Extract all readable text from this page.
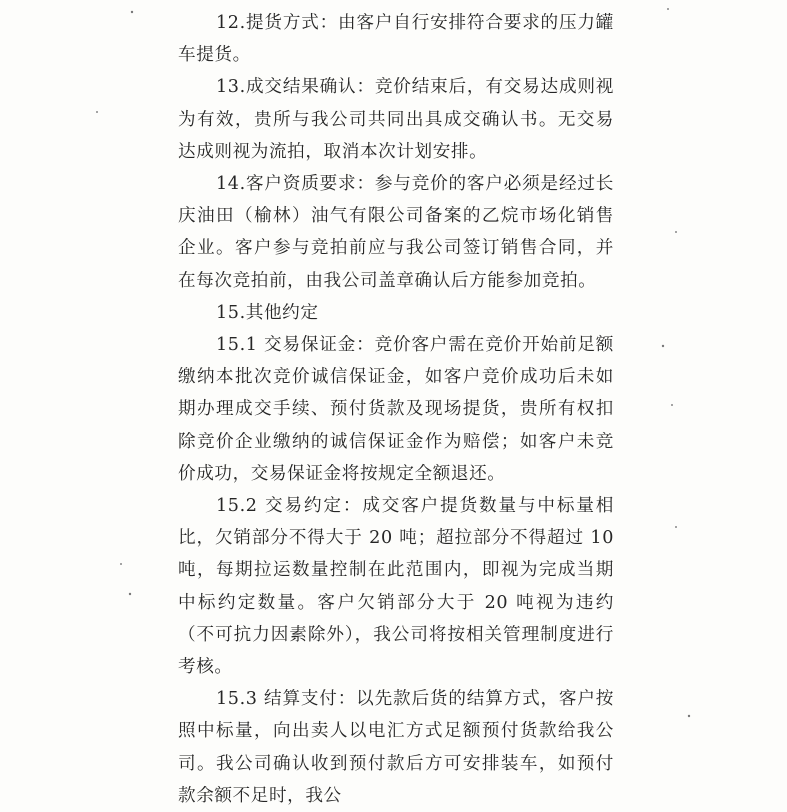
12.提货方式：由客户自行安排符合要求的压力罐车提货。

13.成交结果确认：竞价结束后，有交易达成则视为有效，贵所与我公司共同出具成交确认书。无交易达成则视为流拍，取消本次计划安排。

14.客户资质要求：参与竞价的客户必须是经过长庆油田（榆林）油气有限公司备案的乙烷市场化销售企业。客户参与竞拍前应与我公司签订销售合同，并在每次竞拍前，由我公司盖章确认后方能参加竞拍。

15.其他约定

15.1 交易保证金：竞价客户需在竞价开始前足额缴纳本批次竞价诚信保证金，如客户竞价成功后未如期办理成交手续、预付货款及现场提货，贵所有权扣除竞价企业缴纳的诚信保证金作为赔偿；如客户未竞价成功，交易保证金将按规定全额退还。

15.2 交易约定：成交客户提货数量与中标量相比，欠销部分不得大于 20 吨；超拉部分不得超过 10 吨，每期拉运数量控制在此范围内，即视为完成当期中标约定数量。客户欠销部分大于 20 吨视为违约（不可抗力因素除外），我公司将按相关管理制度进行考核。

15.3 结算支付：以先款后货的结算方式，客户按照中标量，向出卖人以电汇方式足额预付货款给我公司。我公司确认收到预付款后方可安排装车，如预付款余额不足时，我公
